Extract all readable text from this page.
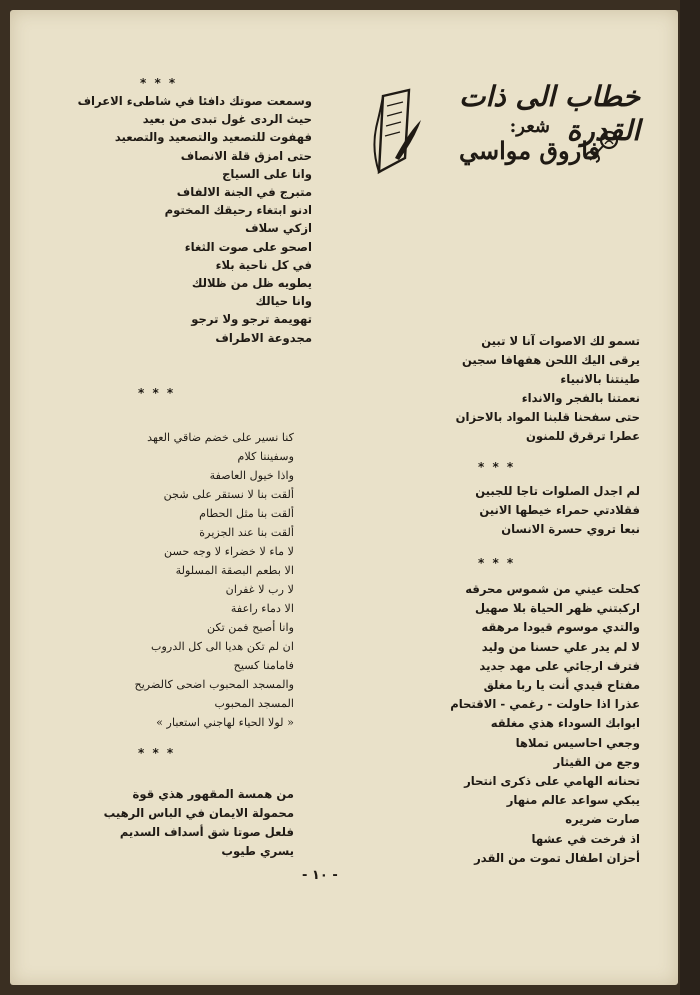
خطاب الى ذات القدرة
شعر:
فاروق مواسي
* * *
وسمعت صوتك دافئا في شاطىء الاعراف
حيث الردى غول تبدى من بعيد
فهفوت للتصعيد والتصعيد والتصعيد
حتى امزق قلة الانصاف
وانا على السياج
متبرج في الجنة الالفاف
ادنو ابتغاء رحيقك المختوم
ازكي سلاف
اصحو على صوت الثغاء
في كل ناحية بلاء
يطويه ظل من ظلالك
وانا حيالك
تهويمة ترجو ولا ترجو
مجدوعة الاطراف
* * *
كنا نسير على خضم ضاقي العهد
وسفيننا كلام
واذا خيول العاصفة
ألقت بنا لا نستقر على شجن
ألقت بنا مثل الحطام
ألقت بنا عند الجزيرة
لا ماء لا خضراء لا وجه حسن
الا بطعم البصقة المسلولة
لا رب لا غفران
الا دماء راعفة
وانا أصيح فمن تكن
ان لم تكن هديا الى كل الدروب
فامامنا كسيح
والمسجد المحبوب اضحى كالضريح
المسجد المحبوب
« لولا الحياء لهاجني استعبار »
* * *
من همسة المقهور هذي قوة
محمولة الايمان في الباس الرهيب
فلعل صوتا شق أسداف السديم
يسري طيوب
تسمو لك الاصوات آنا لا تبين
يرقى اليك اللحن هفهافا سجين
طينتنا بالانبياء
نعمتنا بالفجر والانداء
حتى سفحنا قلبنا المواد بالاحزان
عطرا ترقرق للمنون
* * *
لم اجدل الصلوات تاجا للجبين
فقلادتي حمراء خيطها الانين
نبعا تروي حسرة الانسان
* * *
كحلت عيني من شموس محرقه
اركبتني ظهر الحياة بلا صهيل
والتدي موسوم قيودا مرهقه
لا لم يدر علي حسنا من وليد
فترف ارجائي على مهد جديد
مفتاح قيدي أنت يا ربا مغلق
عذرا اذا حاولت - رغمي - الاقتحام
ابوابك السوداء هذي مغلقه
وجعي احاسيس تملاها
وجع من القيثار
تحنانه الهامي على ذكرى انتحار
يبكي سواعد عالم منهار
صارت ضريره
اذ فرخت في عشها
أحزان اطفال تموت من القدر
- ١٠ -
